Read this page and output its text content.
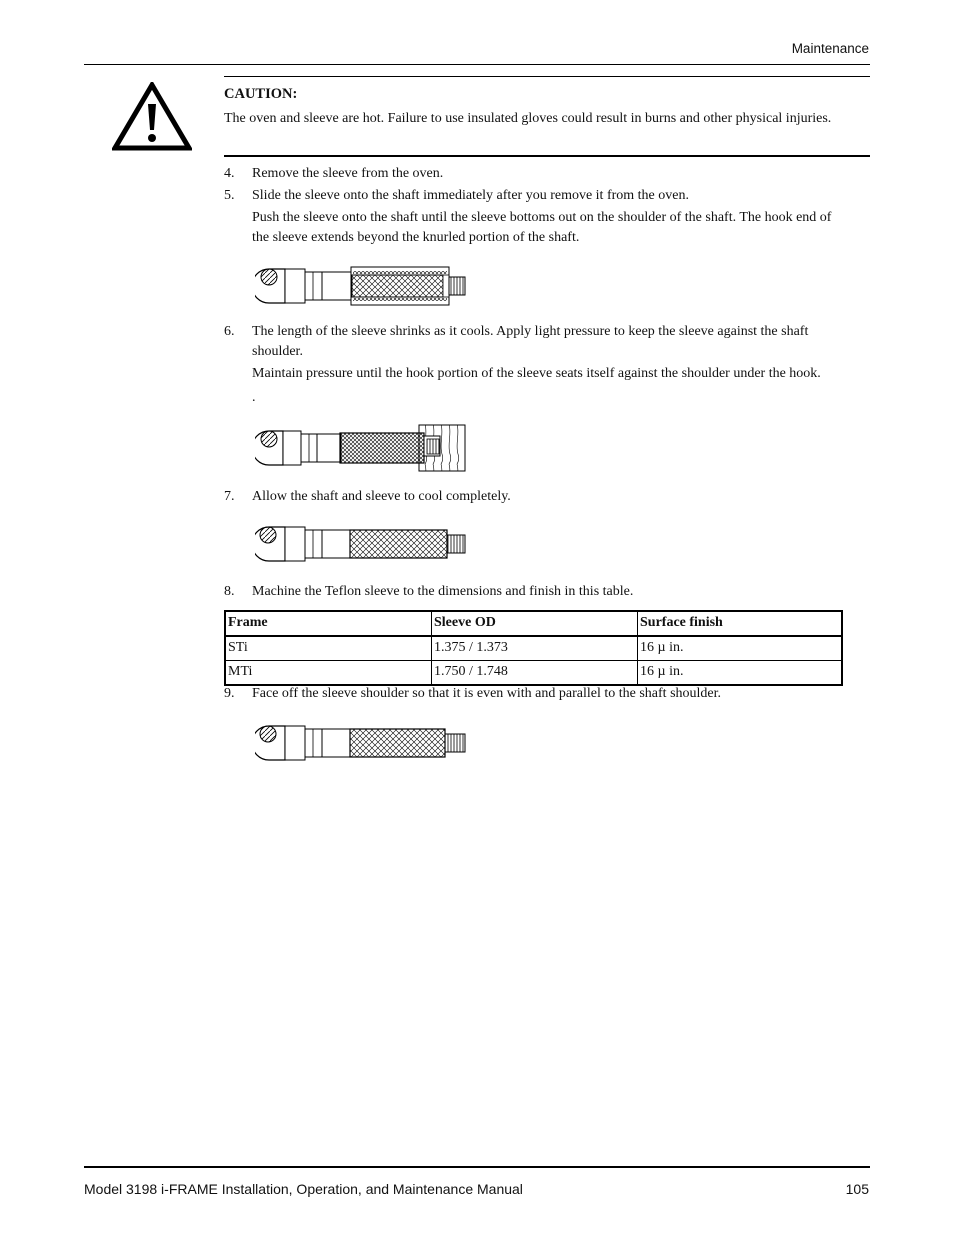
Maintenance
CAUTION:
The oven and sleeve are hot. Failure to use insulated gloves could result in burns and other physical injuries.
4.	Remove the sleeve from the oven.
5.	Slide the sleeve onto the shaft immediately after you remove it from the oven.
Push the sleeve onto the shaft until the sleeve bottoms out on the shoulder of the shaft. The hook end of the sleeve extends beyond the knurled portion of the shaft.
6.	The length of the sleeve shrinks as it cools. Apply light pressure to keep the sleeve against the shaft
shoulder.
Maintain pressure until the hook portion of the sleeve seats itself against the shoulder under the hook.
.
7.	Allow the shaft and sleeve to cool completely.
8.	Machine the Teflon sleeve to the dimensions and finish in this table.
Frame	Sleeve OD	Surface finish
STi	1.375 / 1.373	16 µ in.
MTi	1.750 / 1.748	16 µ in.
9.	Face off the sleeve shoulder so that it is even with and parallel to the shaft shoulder.
Model 3198 i-FRAME Installation, Operation, and Maintenance Manual	105
